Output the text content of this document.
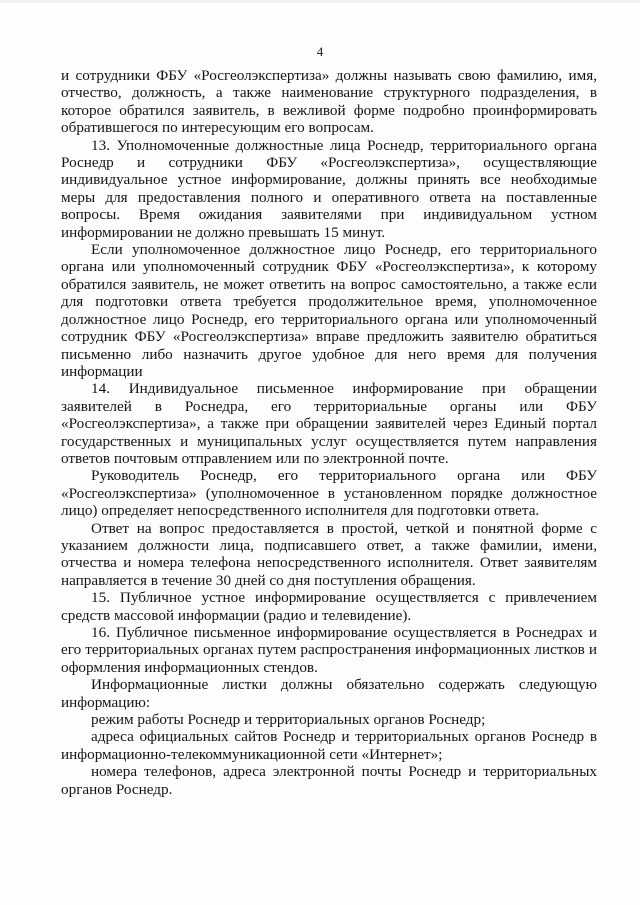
4

и сотрудники ФБУ «Росгеолэкспертиза» должны называть свою фамилию, имя, отчество, должность, а также наименование структурного подразделения, в которое обратился заявитель, в вежливой форме подробно проинформировать обратившегося по интересующим его вопросам.

13. Уполномоченные должностные лица Роснедр, территориального органа Роснедр и сотрудники ФБУ «Росгеолэкспертиза», осуществляющие индивидуальное устное информирование, должны принять все необходимые меры для предоставления полного и оперативного ответа на поставленные вопросы. Время ожидания заявителями при индивидуальном устном информировании не должно превышать 15 минут.

Если уполномоченное должностное лицо Роснедр, его территориального органа или уполномоченный сотрудник ФБУ «Росгеолэкспертиза», к которому обратился заявитель, не может ответить на вопрос самостоятельно, а также если для подготовки ответа требуется продолжительное время, уполномоченное должностное лицо Роснедр, его территориального органа или уполномоченный сотрудник ФБУ «Росгеолэкспертиза» вправе предложить заявителю обратиться письменно либо назначить другое удобное для него время для получения информации

14. Индивидуальное письменное информирование при обращении заявителей в Роснедра, его территориальные органы или ФБУ «Росгеолэкспертиза», а также при обращении заявителей через Единый портал государственных и муниципальных услуг осуществляется путем направления ответов почтовым отправлением или по электронной почте.

Руководитель Роснедр, его территориального органа или ФБУ «Росгеолэкспертиза» (уполномоченное в установленном порядке должностное лицо) определяет непосредственного исполнителя для подготовки ответа.

Ответ на вопрос предоставляется в простой, четкой и понятной форме с указанием должности лица, подписавшего ответ, а также фамилии, имени, отчества и номера телефона непосредственного исполнителя. Ответ заявителям направляется в течение 30 дней со дня поступления обращения.

15. Публичное устное информирование осуществляется с привлечением средств массовой информации (радио и телевидение).

16. Публичное письменное информирование осуществляется в Роснедрах и его территориальных органах путем распространения информационных листков и оформления информационных стендов.

Информационные листки должны обязательно содержать следующую информацию:

режим работы Роснедр и территориальных органов Роснедр;

адреса официальных сайтов Роснедр и территориальных органов Роснедр в информационно-телекоммуникационной сети «Интернет»;

номера телефонов, адреса электронной почты Роснедр и территориальных органов Роснедр.
